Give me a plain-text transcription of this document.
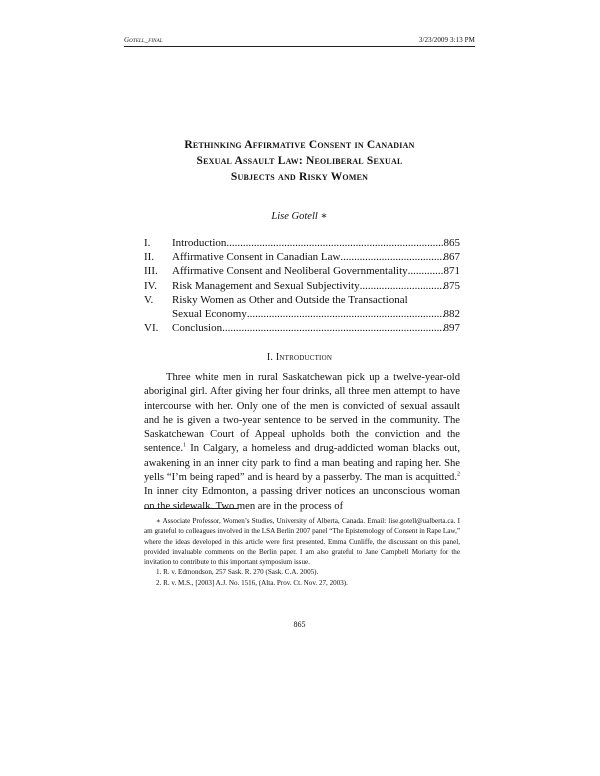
Gotell_final	3/23/2009 3:13 PM
Rethinking Affirmative Consent in Canadian
Sexual Assault Law: Neoliberal Sexual
Subjects and Risky Women
Lise Gotell ∗
I. Introduction .....	865
II. Affirmative Consent in Canadian Law .....	867
III. Affirmative Consent and Neoliberal Governmentality .....	871
IV. Risk Management and Sexual Subjectivity .....	875
V. Risky Women as Other and Outside the Transactional
Sexual Economy .....	882
VI. Conclusion .....	897
I. Introduction

Three white men in rural Saskatchewan pick up a twelve-year-old aboriginal girl. After giving her four drinks, all three men attempt to have intercourse with her. Only one of the men is convicted of sexual assault and he is given a two-year sentence to be served in the community. The Saskatchewan Court of Appeal upholds both the conviction and the sentence.$^1$ In Calgary, a homeless and drug-addicted woman blacks out, awakening in an inner city park to find a man beating and raping her. She yells “I’m being raped” and is heard by a passerby. The man is acquitted.$^2$ In inner city Edmonton, a passing driver notices an unconscious woman on the sidewalk. Two men are in the process of

∗ Associate Professor, Women’s Studies, University of Alberta, Canada. Email: lise.gotell@ualberta.ca. I am grateful to colleagues involved in the LSA Berlin 2007 panel “The Epistemology of Consent in Rape Law,” where the ideas developed in this article were first presented. Emma Cunliffe, the discussant on this panel, provided invaluable comments on the Berlin paper. I am also grateful to Jane Campbell Moriarty for the invitation to contribute to this important symposium issue.

1. R. v. Edmondson, 257 Sask. R. 270 (Sask. C.A. 2005).

2. R. v. M.S., [2003] A.J. No. 1516, (Alta. Prov. Ct. Nov. 27, 2003).

865
